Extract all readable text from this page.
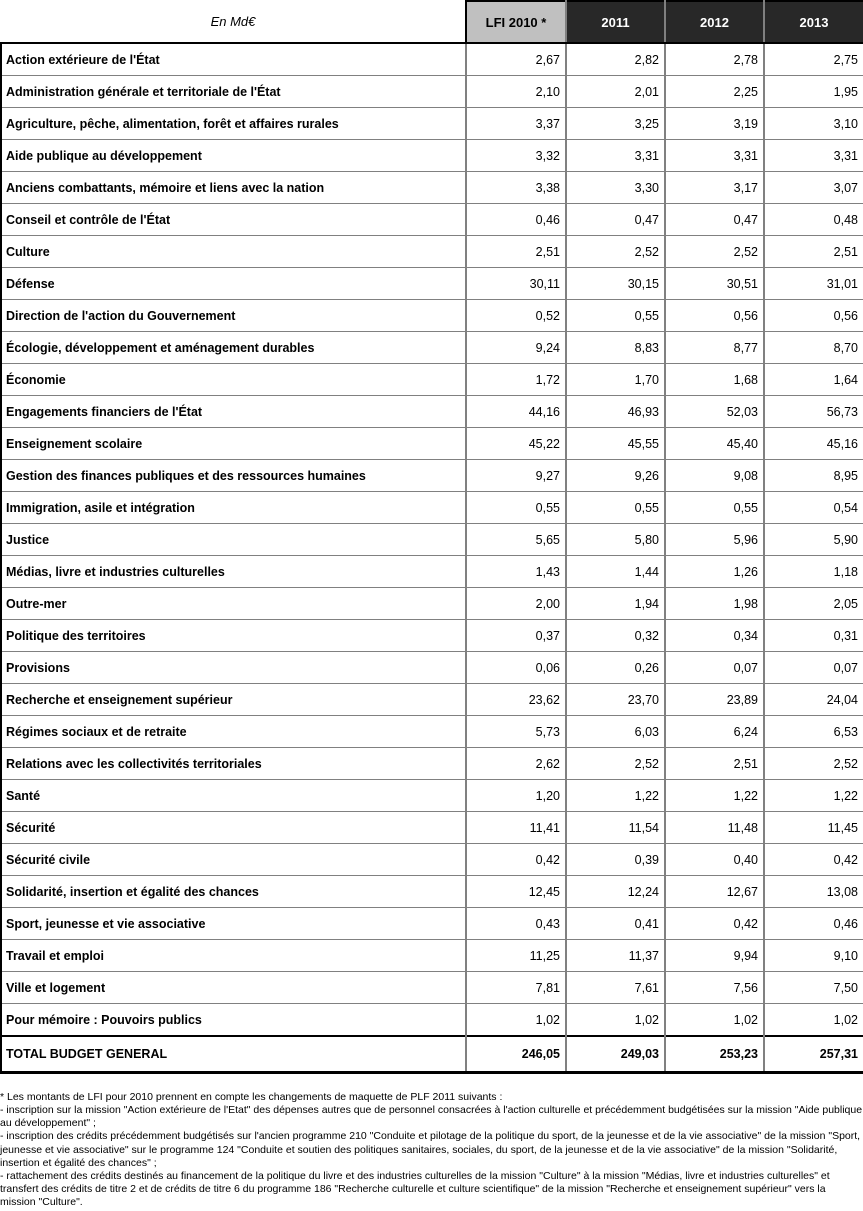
En Md€	LFI 2010 *	2011	2012	2013
Action extérieure de l'État	2,67	2,82	2,78	2,75
Administration générale et territoriale de l'État	2,10	2,01	2,25	1,95
Agriculture, pêche, alimentation, forêt et affaires rurales	3,37	3,25	3,19	3,10
Aide publique au développement	3,32	3,31	3,31	3,31
Anciens combattants, mémoire et liens avec la nation	3,38	3,30	3,17	3,07
Conseil et contrôle de l'État	0,46	0,47	0,47	0,48
Culture	2,51	2,52	2,52	2,51
Défense	30,11	30,15	30,51	31,01
Direction de l'action du Gouvernement	0,52	0,55	0,56	0,56
Écologie, développement et aménagement durables	9,24	8,83	8,77	8,70
Économie	1,72	1,70	1,68	1,64
Engagements financiers de l'État	44,16	46,93	52,03	56,73
Enseignement scolaire	45,22	45,55	45,40	45,16
Gestion des finances publiques et des ressources humaines	9,27	9,26	9,08	8,95
Immigration, asile et intégration	0,55	0,55	0,55	0,54
Justice	5,65	5,80	5,96	5,90
Médias, livre et industries culturelles	1,43	1,44	1,26	1,18
Outre-mer	2,00	1,94	1,98	2,05
Politique des territoires	0,37	0,32	0,34	0,31
Provisions	0,06	0,26	0,07	0,07
Recherche et enseignement supérieur	23,62	23,70	23,89	24,04
Régimes sociaux et de retraite	5,73	6,03	6,24	6,53
Relations avec les collectivités territoriales	2,62	2,52	2,51	2,52
Santé	1,20	1,22	1,22	1,22
Sécurité	11,41	11,54	11,48	11,45
Sécurité civile	0,42	0,39	0,40	0,42
Solidarité, insertion et égalité des chances	12,45	12,24	12,67	13,08
Sport, jeunesse et vie associative	0,43	0,41	0,42	0,46
Travail et emploi	11,25	11,37	9,94	9,10
Ville et logement	7,81	7,61	7,56	7,50
Pour mémoire : Pouvoirs publics	1,02	1,02	1,02	1,02
TOTAL BUDGET GENERAL	246,05	249,03	253,23	257,31

* Les montants de LFI pour 2010 prennent en compte les changements de maquette de PLF 2011 suivants :

- inscription sur la mission "Action extérieure de l'Etat" des dépenses autres que de personnel consacrées à l'action culturelle et précédemment budgétisées sur la mission "Aide publique au développement" ;

- inscription des crédits précédemment budgétisés sur l'ancien programme 210 "Conduite et pilotage de la politique du sport, de la jeunesse et de la vie associative" de la mission "Sport, jeunesse et vie associative" sur le programme 124 "Conduite et soutien des politiques sanitaires, sociales, du sport, de la jeunesse et de la vie associative" de la mission "Solidarité, insertion et égalité des chances" ;

- rattachement des crédits destinés au financement de la politique du livre et des industries culturelles de la mission "Culture" à la mission "Médias, livre et industries culturelles" et transfert des crédits de titre 2 et de crédits de titre 6 du programme 186 "Recherche culturelle et culture scientifique" de la mission "Recherche et enseignement supérieur" vers la mission "Culture".
